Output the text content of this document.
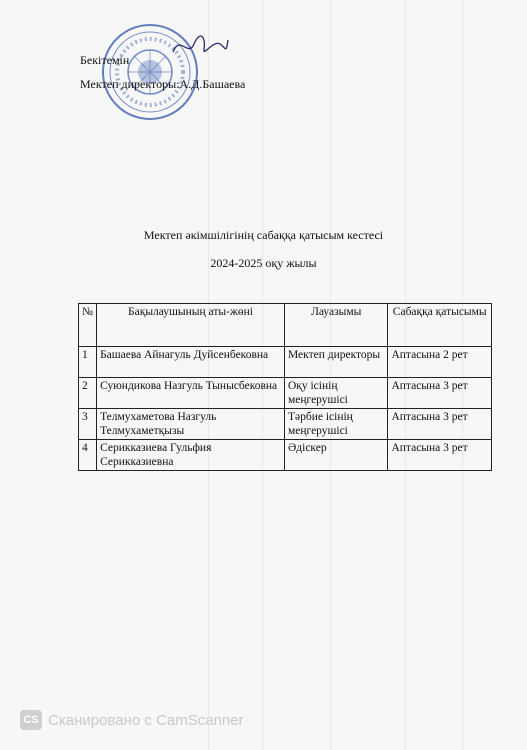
Бекітемін
Мектеп директоры:А.Д.Башаева
Мектеп әкімшілігінің сабаққа қатысым кестесі
2024-2025 оқу жылы
№	Бақылаушының аты-жөні	Лауазымы	Сабаққа қатысымы
1	Башаева Айнагуль Дуйсенбековна	Мектеп директоры	Аптасына 2 рет
2	Суюндикова Назгуль Тыныcбековна	Оқу ісінің меңгерушісі	Аптасына 3 рет
3	Телмухаметова Назгуль Телмухаметқызы	Тәрбие ісінің меңгерушісі	Аптасына 3 рет
4	Серикказиева Гульфия Серикказиевна	Әдіскер	Аптасына 3 рет
CS Сканировано с CamScanner
